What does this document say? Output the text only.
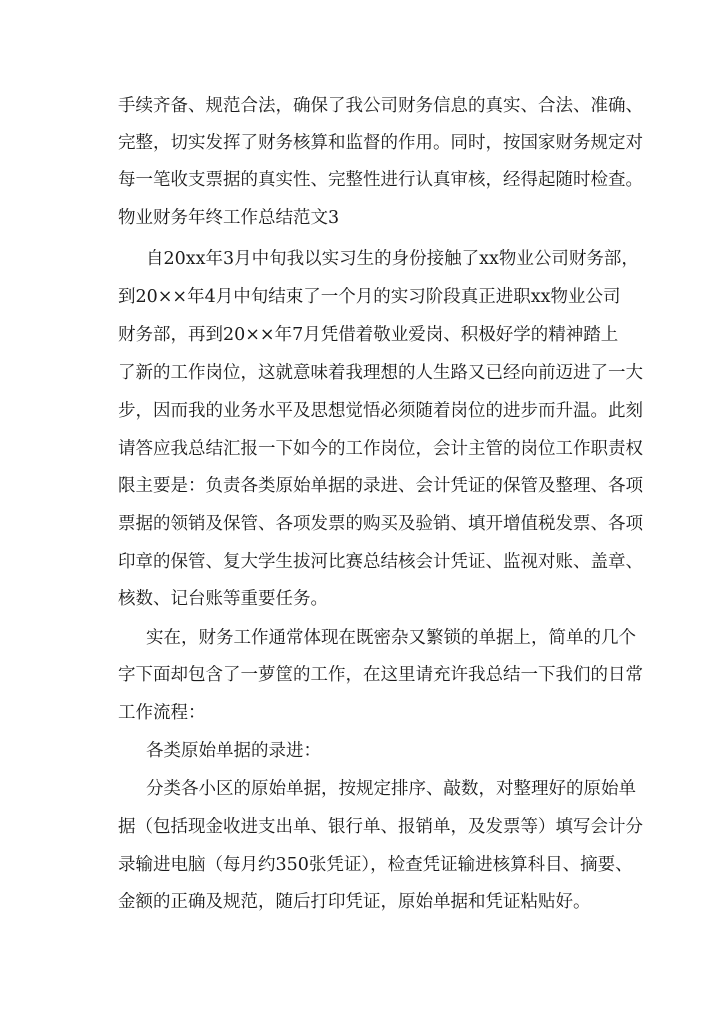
手续齐备、规范合法，确保了我公司财务信息的真实、合法、准确、
完整，切实发挥了财务核算和监督的作用。同时，按国家财务规定对
每一笔收支票据的真实性、完整性进行认真审核，经得起随时检查。
物业财务年终工作总结范文3
自20xx年3月中旬我以实习生的身份接触了xx物业公司财务部，
到20××年4月中旬结束了一个月的实习阶段真正进职xx物业公司
财务部，再到20××年7月凭借着敬业爱岗、积极好学的精神踏上
了新的工作岗位，这就意味着我理想的人生路又已经向前迈进了一大
步，因而我的业务水平及思想觉悟必须随着岗位的进步而升温。此刻
请答应我总结汇报一下如今的工作岗位，会计主管的岗位工作职责权
限主要是：负责各类原始单据的录进、会计凭证的保管及整理、各项
票据的领销及保管、各项发票的购买及验销、填开增值税发票、各项
印章的保管、复大学生拔河比赛总结核会计凭证、监视对账、盖章、
核数、记台账等重要任务。
实在，财务工作通常体现在既密杂又繁锁的单据上，简单的几个
字下面却包含了一萝筐的工作，在这里请充许我总结一下我们的日常
工作流程：
各类原始单据的录进：
分类各小区的原始单据，按规定排序、敲数，对整理好的原始单
据（包括现金收进支出单、银行单、报销单，及发票等）填写会计分
录输进电脑（每月约350张凭证），检查凭证输进核算科目、摘要、
金额的正确及规范，随后打印凭证，原始单据和凭证粘贴好。
